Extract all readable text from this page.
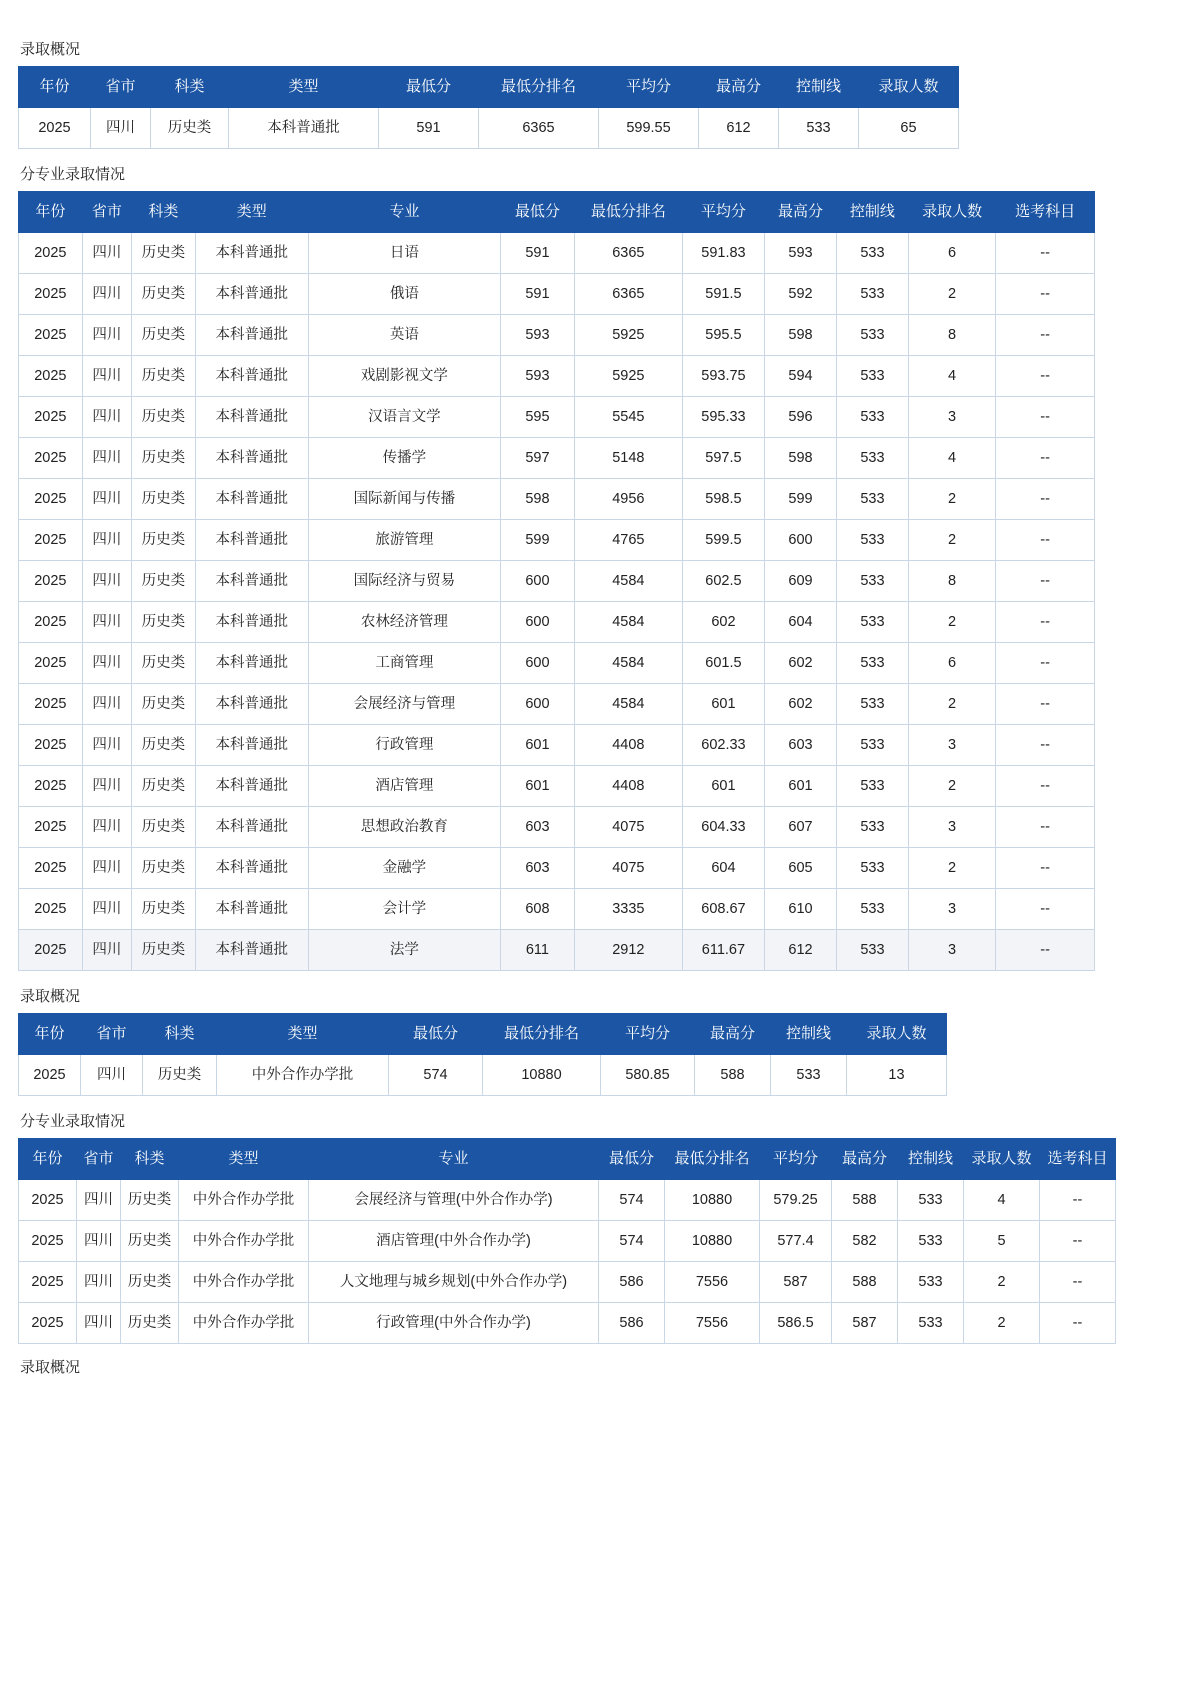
录取概况
年份	省市	科类	类型	最低分	最低分排名	平均分	最高分	控制线	录取人数
2025	四川	历史类	本科普通批	591	6365	599.55	612	533	65
分专业录取情况
年份	省市	科类	类型	专业	最低分	最低分排名	平均分	最高分	控制线	录取人数	选考科目
2025	四川	历史类	本科普通批	日语	591	6365	591.83	593	533	6	--
2025	四川	历史类	本科普通批	俄语	591	6365	591.5	592	533	2	--
2025	四川	历史类	本科普通批	英语	593	5925	595.5	598	533	8	--
2025	四川	历史类	本科普通批	戏剧影视文学	593	5925	593.75	594	533	4	--
2025	四川	历史类	本科普通批	汉语言文学	595	5545	595.33	596	533	3	--
2025	四川	历史类	本科普通批	传播学	597	5148	597.5	598	533	4	--
2025	四川	历史类	本科普通批	国际新闻与传播	598	4956	598.5	599	533	2	--
2025	四川	历史类	本科普通批	旅游管理	599	4765	599.5	600	533	2	--
2025	四川	历史类	本科普通批	国际经济与贸易	600	4584	602.5	609	533	8	--
2025	四川	历史类	本科普通批	农林经济管理	600	4584	602	604	533	2	--
2025	四川	历史类	本科普通批	工商管理	600	4584	601.5	602	533	6	--
2025	四川	历史类	本科普通批	会展经济与管理	600	4584	601	602	533	2	--
2025	四川	历史类	本科普通批	行政管理	601	4408	602.33	603	533	3	--
2025	四川	历史类	本科普通批	酒店管理	601	4408	601	601	533	2	--
2025	四川	历史类	本科普通批	思想政治教育	603	4075	604.33	607	533	3	--
2025	四川	历史类	本科普通批	金融学	603	4075	604	605	533	2	--
2025	四川	历史类	本科普通批	会计学	608	3335	608.67	610	533	3	--
2025	四川	历史类	本科普通批	法学	611	2912	611.67	612	533	3	--
录取概况
年份	省市	科类	类型	最低分	最低分排名	平均分	最高分	控制线	录取人数
2025	四川	历史类	中外合作办学批	574	10880	580.85	588	533	13
分专业录取情况
年份	省市	科类	类型	专业	最低分	最低分排名	平均分	最高分	控制线	录取人数	选考科目
2025	四川	历史类	中外合作办学批	会展经济与管理(中外合作办学)	574	10880	579.25	588	533	4	--
2025	四川	历史类	中外合作办学批	酒店管理(中外合作办学)	574	10880	577.4	582	533	5	--
2025	四川	历史类	中外合作办学批	人文地理与城乡规划(中外合作办学)	586	7556	587	588	533	2	--
2025	四川	历史类	中外合作办学批	行政管理(中外合作办学)	586	7556	586.5	587	533	2	--
录取概况
